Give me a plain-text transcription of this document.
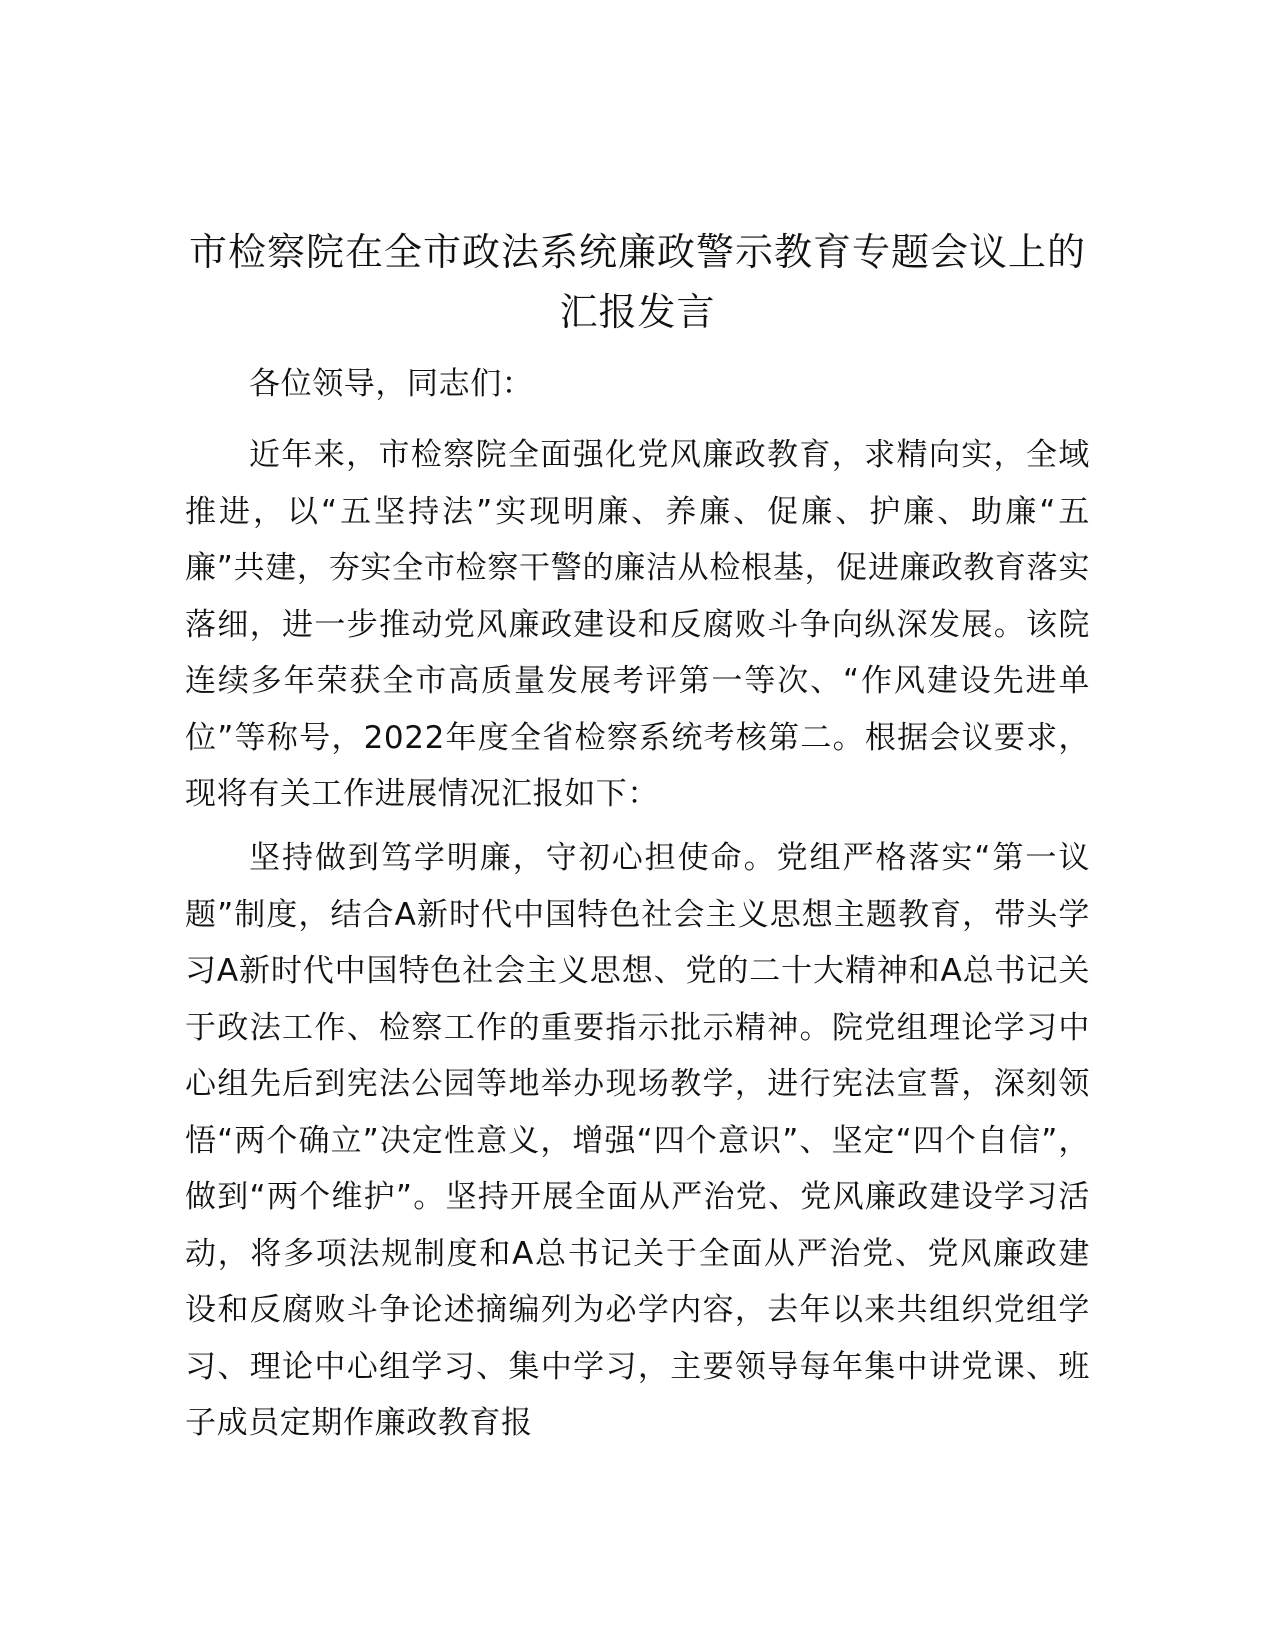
市检察院在全市政法系统廉政警示教育专题会议上的汇报发言

各位领导，同志们：

近年来，市检察院全面强化党风廉政教育，求精向实，全域推进，以“五坚持法”实现明廉、养廉、促廉、护廉、助廉“五廉”共建，夯实全市检察干警的廉洁从检根基，促进廉政教育落实落细，进一步推动党风廉政建设和反腐败斗争向纵深发展。该院连续多年荣获全市高质量发展考评第一等次、“作风建设先进单位”等称号，2022年度全省检察系统考核第二。根据会议要求，现将有关工作进展情况汇报如下：

坚持做到笃学明廉，守初心担使命。党组严格落实“第一议题”制度，结合A新时代中国特色社会主义思想主题教育，带头学习A新时代中国特色社会主义思想、党的二十大精神和A总书记关于政法工作、检察工作的重要指示批示精神。院党组理论学习中心组先后到宪法公园等地举办现场教学，进行宪法宣誓，深刻领悟“两个确立”决定性意义，增强“四个意识”、坚定“四个自信”，做到“两个维护”。坚持开展全面从严治党、党风廉政建设学习活动，将多项法规制度和A总书记关于全面从严治党、党风廉政建设和反腐败斗争论述摘编列为必学内容，去年以来共组织党组学习、理论中心组学习、集中学习，主要领导每年集中讲党课、班子成员定期作廉政教育报
